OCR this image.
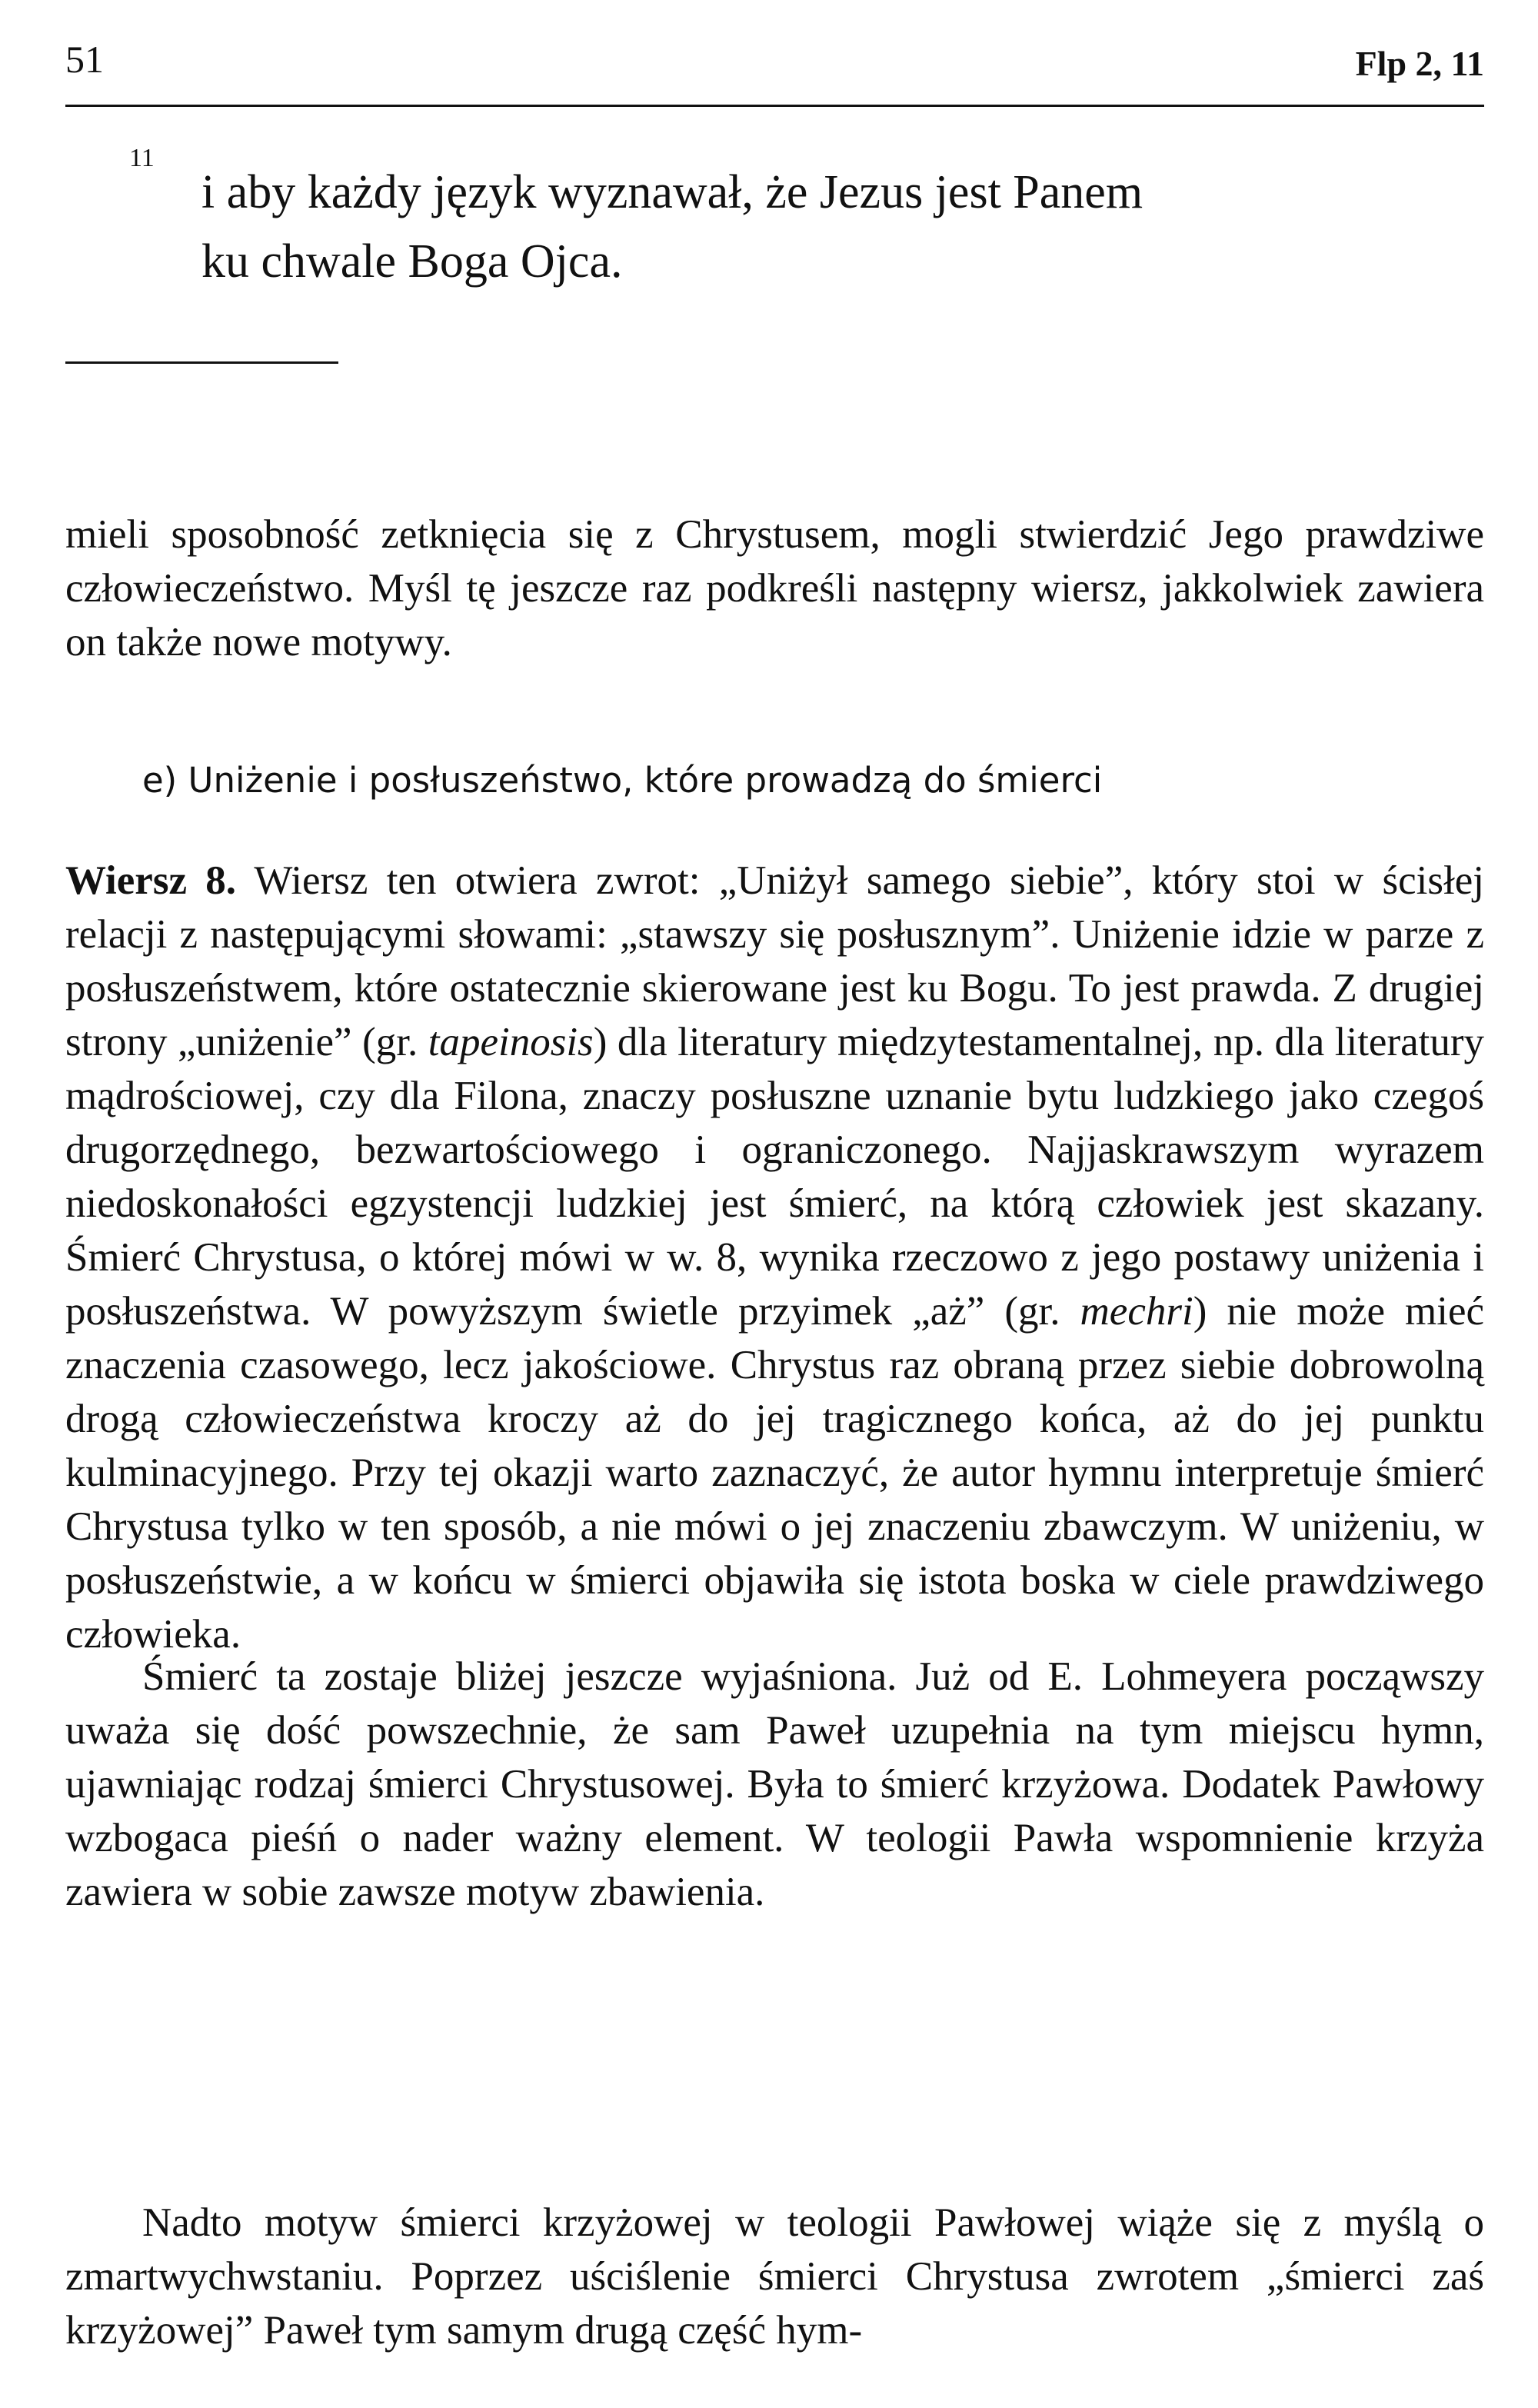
51	Flp 2, 11
11
i aby każdy język wyznawał, że Jezus jest Panem
ku chwale Boga Ojca.

mieli sposobność zetknięcia się z Chrystusem, mogli stwierdzić Jego prawdziwe człowieczeństwo. Myśl tę jeszcze raz podkreśli następny wiersz, jakkolwiek zawiera on także nowe motywy.

e) Uniżenie i posłuszeństwo, które prowadzą do śmierci

Wiersz 8. Wiersz ten otwiera zwrot: „Uniżył samego siebie”, który stoi w ścisłej relacji z następującymi słowami: „stawszy się posłusznym”. Uniżenie idzie w parze z posłuszeństwem, które ostatecznie skierowane jest ku Bogu. To jest prawda. Z drugiej strony „uniżenie” (gr. tapeinosis) dla literatury międzytestamentalnej, np. dla literatury mądrościowej, czy dla Filona, znaczy posłuszne uznanie bytu ludzkiego jako czegoś drugorzędnego, bezwartościowego i ograniczonego. Najjaskrawszym wyrazem niedoskonałości egzystencji ludzkiej jest śmierć, na którą człowiek jest skazany. Śmierć Chrystusa, o której mówi w w. 8, wynika rzeczowo z jego postawy uniżenia i posłuszeństwa. W powyższym świetle przyimek „aż” (gr. mechri) nie może mieć znaczenia czasowego, lecz jakościowe. Chrystus raz obraną przez siebie dobrowolną drogą człowieczeństwa kroczy aż do jej tragicznego końca, aż do jej punktu kulminacyjnego. Przy tej okazji warto zaznaczyć, że autor hymnu interpretuje śmierć Chrystusa tylko w ten sposób, a nie mówi o jej znaczeniu zbawczym. W uniżeniu, w posłuszeństwie, a w końcu w śmierci objawiła się istota boska w ciele prawdziwego człowieka.

Śmierć ta zostaje bliżej jeszcze wyjaśniona. Już od E. Lohmeyera począwszy uważa się dość powszechnie, że sam Paweł uzupełnia na tym miejscu hymn, ujawniając rodzaj śmierci Chrystusowej. Była to śmierć krzyżowa. Dodatek Pawłowy wzbogaca pieśń o nader ważny element. W teologii Pawła wspomnienie krzyża zawiera w sobie zawsze motyw zbawienia.

Nadto motyw śmierci krzyżowej w teologii Pawłowej wiąże się z myślą o zmartwychwstaniu. Poprzez uściślenie śmierci Chrystusa zwrotem „śmierci zaś krzyżowej” Paweł tym samym drugą część hym-
